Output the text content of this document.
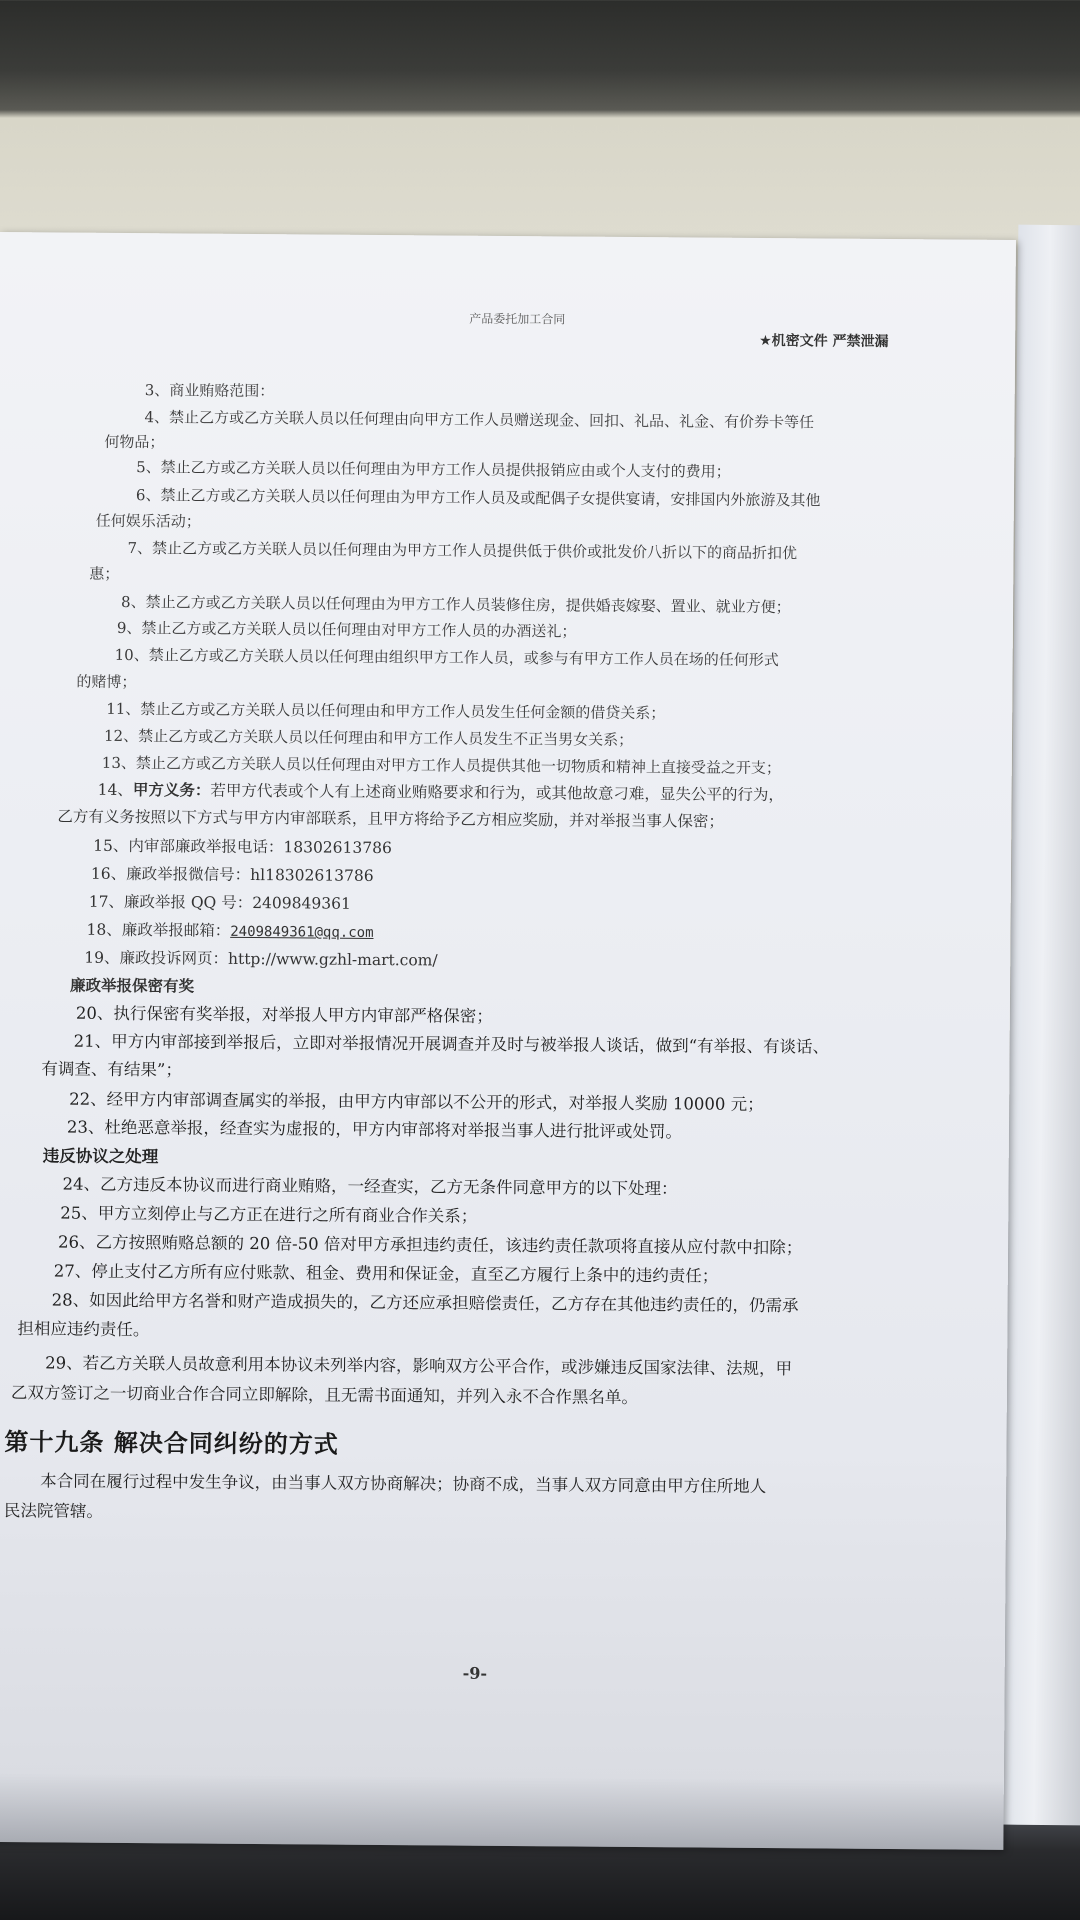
产品委托加工合同
★机密文件 严禁泄漏
3、商业贿赂范围：
4、禁止乙方或乙方关联人员以任何理由向甲方工作人员赠送现金、回扣、礼品、礼金、有价券卡等任
何物品；
5、禁止乙方或乙方关联人员以任何理由为甲方工作人员提供报销应由或个人支付的费用；
6、禁止乙方或乙方关联人员以任何理由为甲方工作人员及或配偶子女提供宴请，安排国内外旅游及其他
任何娱乐活动；
7、禁止乙方或乙方关联人员以任何理由为甲方工作人员提供低于供价或批发价八折以下的商品折扣优
惠；
8、禁止乙方或乙方关联人员以任何理由为甲方工作人员装修住房，提供婚丧嫁娶、置业、就业方便；
9、禁止乙方或乙方关联人员以任何理由对甲方工作人员的办酒送礼；
10、禁止乙方或乙方关联人员以任何理由组织甲方工作人员，或参与有甲方工作人员在场的任何形式
的赌博；
11、禁止乙方或乙方关联人员以任何理由和甲方工作人员发生任何金额的借贷关系；
12、禁止乙方或乙方关联人员以任何理由和甲方工作人员发生不正当男女关系；
13、禁止乙方或乙方关联人员以任何理由对甲方工作人员提供其他一切物质和精神上直接受益之开支；
14、甲方义务：若甲方代表或个人有上述商业贿赂要求和行为，或其他故意刁难，显失公平的行为，
乙方有义务按照以下方式与甲方内审部联系，且甲方将给予乙方相应奖励，并对举报当事人保密；
15、内审部廉政举报电话：18302613786
16、廉政举报微信号：hl18302613786
17、廉政举报 QQ 号：2409849361
18、廉政举报邮箱：2409849361@qq.com
19、廉政投诉网页：http://www.gzhl-mart.com/
廉政举报保密有奖
20、执行保密有奖举报，对举报人甲方内审部严格保密；
21、甲方内审部接到举报后，立即对举报情况开展调查并及时与被举报人谈话，做到“有举报、有谈话、
有调查、有结果”；
22、经甲方内审部调查属实的举报，由甲方内审部以不公开的形式，对举报人奖励 10000 元；
23、杜绝恶意举报，经查实为虚报的，甲方内审部将对举报当事人进行批评或处罚。
违反协议之处理
24、乙方违反本协议而进行商业贿赂，一经查实，乙方无条件同意甲方的以下处理：
25、甲方立刻停止与乙方正在进行之所有商业合作关系；
26、乙方按照贿赂总额的 20 倍-50 倍对甲方承担违约责任，该违约责任款项将直接从应付款中扣除；
27、停止支付乙方所有应付账款、租金、费用和保证金，直至乙方履行上条中的违约责任；
28、如因此给甲方名誉和财产造成损失的，乙方还应承担赔偿责任，乙方存在其他违约责任的，仍需承
担相应违约责任。
29、若乙方关联人员故意利用本协议未列举内容，影响双方公平合作，或涉嫌违反国家法律、法规，甲
乙双方签订之一切商业合作合同立即解除，且无需书面通知，并列入永不合作黑名单。
第十九条 解决合同纠纷的方式
本合同在履行过程中发生争议，由当事人双方协商解决；协商不成，当事人双方同意由甲方住所地人
民法院管辖。
-9-
